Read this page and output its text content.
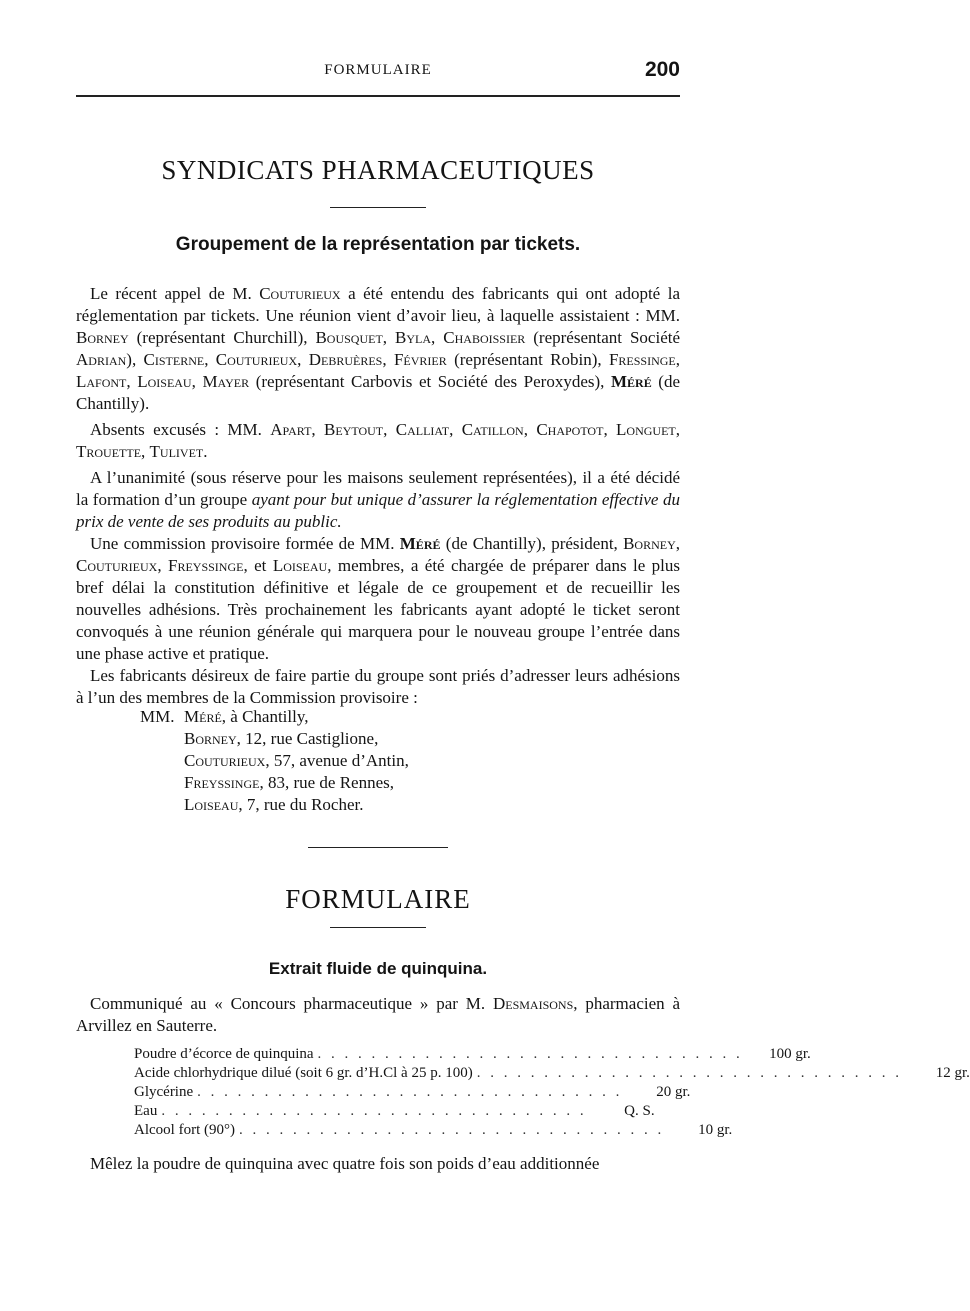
FORMULAIRE	200
SYNDICATS PHARMACEUTIQUES
Groupement de la représentation par tickets.

Le récent appel de M. Couturieux a été entendu des fabricants qui ont adopté la réglementation par tickets. Une réunion vient d’avoir lieu, à laquelle assistaient : MM. Borney (représentant Churchill), Bousquet, Byla, Chaboissier (représentant Société Adrian), Cisterne, Couturieux, Debruères, Février (représentant Robin), Fressinge, Lafont, Loiseau, Mayer (représentant Carbovis et Société des Peroxydes), Méré (de Chantilly).

Absents excusés : MM. Apart, Beytout, Calliat, Catillon, Chapotot, Longuet, Trouette, Tulivet.

A l’unanimité (sous réserve pour les maisons seulement représentées), il a été décidé la formation d’un groupe ayant pour but unique d’assurer la réglementation effective du prix de vente de ses produits au public.

Une commission provisoire formée de MM. Méré (de Chantilly), président, Borney, Couturieux, Freyssinge, et Loiseau, membres, a été chargée de préparer dans le plus bref délai la constitution définitive et légale de ce groupement et de recueillir les nouvelles adhésions. Très prochainement les fabricants ayant adopté le ticket seront convoqués à une réunion générale qui marquera pour le nouveau groupe l’entrée dans une phase active et pratique.

Les fabricants désireux de faire partie du groupe sont priés d’adresser leurs adhésions à l’un des membres de la Commission provisoire :

MM. Méré, à Chantilly,
Borney, 12, rue Castiglione,
Couturieux, 57, avenue d’Antin,
Freyssinge, 83, rue de Rennes,
Loiseau, 7, rue du Rocher.
FORMULAIRE
Extrait fluide de quinquina.

Communiqué au « Concours pharmaceutique » par M. Desmaisons, pharmacien à Arvillez en Sauterre.

Poudre d’écorce de quinquina . . . . . . . . . . . . . . . . . . . . . . . . . . . . . . . .	100 gr.
Acide chlorhydrique dilué (soit 6 gr. d’H.Cl à 25 p. 100) . . . . . . . . . . . . . . . . . . . . . . . . . . . . . . . .	12 gr.
Glycérine . . . . . . . . . . . . . . . . . . . . . . . . . . . . . . . .	20 gr.
Eau . . . . . . . . . . . . . . . . . . . . . . . . . . . . . . . .	Q. S.
Alcool fort (90°) . . . . . . . . . . . . . . . . . . . . . . . . . . . . . . . .	10 gr.

Mêlez la poudre de quinquina avec quatre fois son poids d’eau additionnée
